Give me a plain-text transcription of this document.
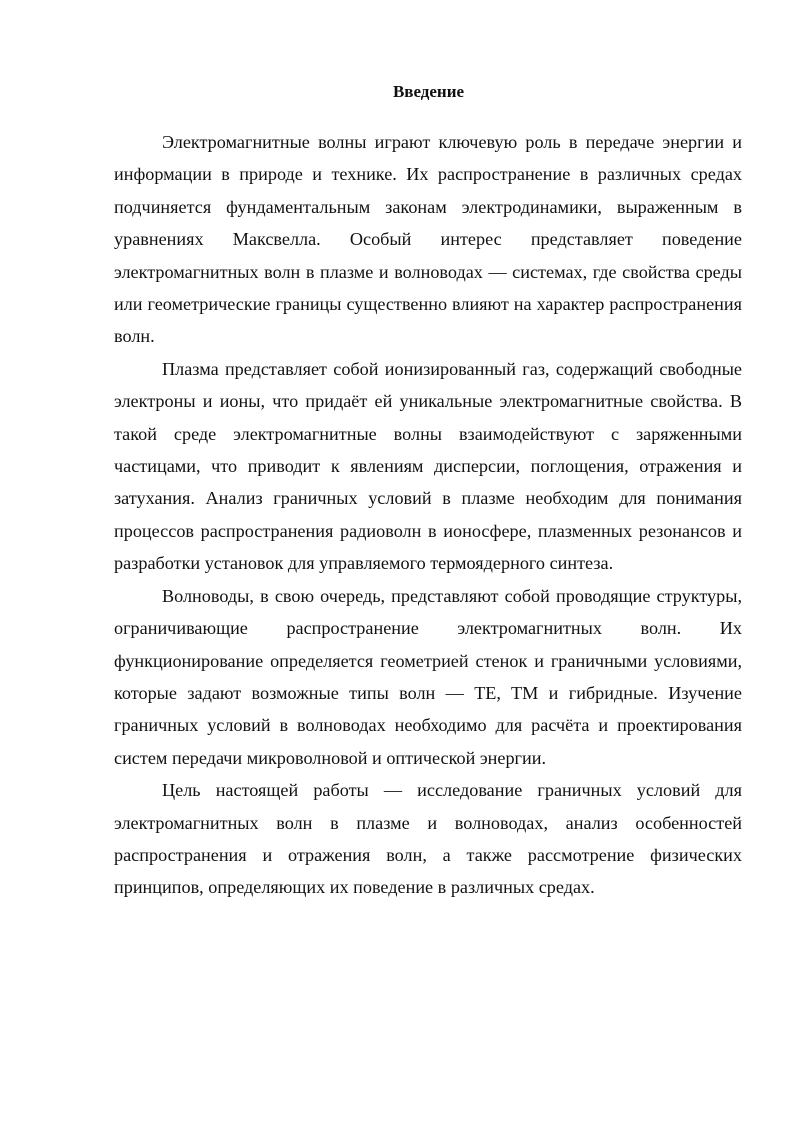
Введение

Электромагнитные волны играют ключевую роль в передаче энергии и информации в природе и технике. Их распространение в различных средах подчиняется фундаментальным законам электродинамики, выраженным в уравнениях Максвелла. Особый интерес представляет поведение электромагнитных волн в плазме и волноводах — системах, где свойства среды или геометрические границы существенно влияют на характер распространения волн.

Плазма представляет собой ионизированный газ, содержащий свободные электроны и ионы, что придаёт ей уникальные электромагнитные свойства. В такой среде электромагнитные волны взаимодействуют с заряженными частицами, что приводит к явлениям дисперсии, поглощения, отражения и затухания. Анализ граничных условий в плазме необходим для понимания процессов распространения радиоволн в ионосфере, плазменных резонансов и разработки установок для управляемого термоядерного синтеза.

Волноводы, в свою очередь, представляют собой проводящие структуры, ограничивающие распространение электромагнитных волн. Их функционирование определяется геометрией стенок и граничными условиями, которые задают возможные типы волн — TE, TM и гибридные. Изучение граничных условий в волноводах необходимо для расчёта и проектирования систем передачи микроволновой и оптической энергии.

Цель настоящей работы — исследование граничных условий для электромагнитных волн в плазме и волноводах, анализ особенностей распространения и отражения волн, а также рассмотрение физических принципов, определяющих их поведение в различных средах.
